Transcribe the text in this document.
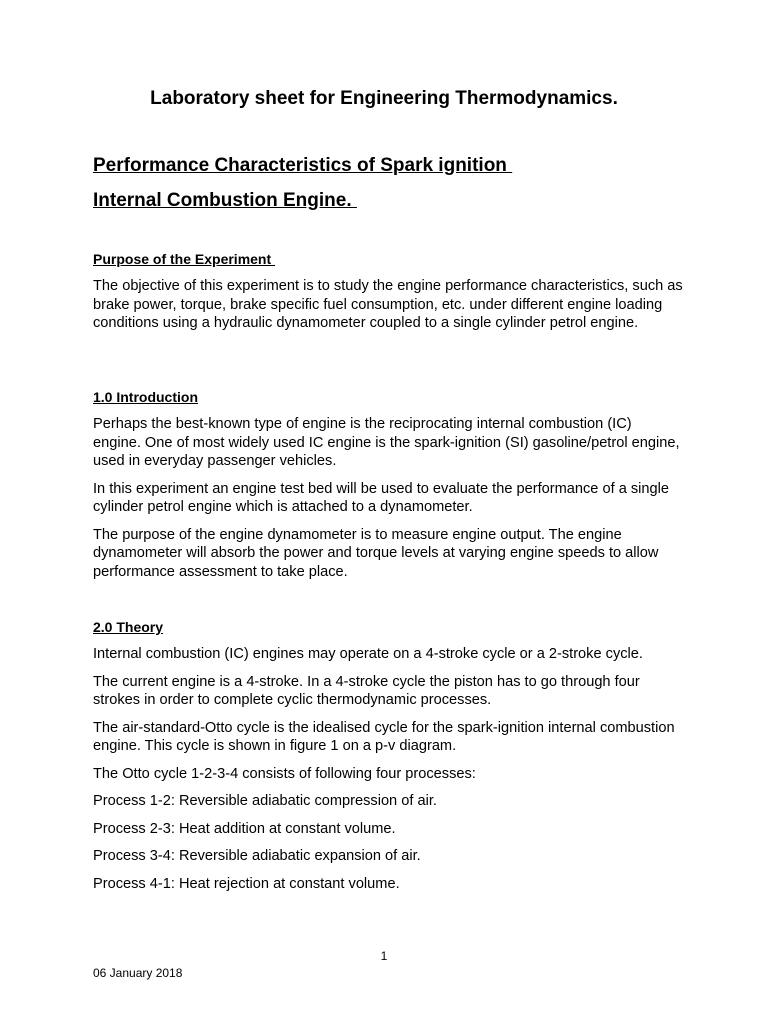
Laboratory sheet for Engineering Thermodynamics.
Performance Characteristics of Spark ignition
Internal Combustion Engine.
Purpose of the Experiment

The objective of this experiment is to study the engine performance characteristics, such as brake power, torque, brake specific fuel consumption, etc. under different engine loading conditions using a hydraulic dynamometer coupled to a single cylinder petrol engine.

1.0 Introduction

Perhaps the best-known type of engine is the reciprocating internal combustion (IC) engine. One of most widely used IC engine is the spark-ignition (SI) gasoline/petrol engine, used in everyday passenger vehicles.

In this experiment an engine test bed will be used to evaluate the performance of a single cylinder petrol engine which is attached to a dynamometer.

The purpose of the engine dynamometer is to measure engine output. The engine dynamometer will absorb the power and torque levels at varying engine speeds to allow performance assessment to take place.

2.0 Theory

Internal combustion (IC) engines may operate on a 4-stroke cycle or a 2-stroke cycle.

The current engine is a 4-stroke. In a 4-stroke cycle the piston has to go through four strokes in order to complete cyclic thermodynamic processes.

The air-standard-Otto cycle is the idealised cycle for the spark-ignition internal combustion engine. This cycle is shown in figure 1 on a p-v diagram.

The Otto cycle 1-2-3-4 consists of following four processes:

Process 1-2: Reversible adiabatic compression of air.

Process 2-3: Heat addition at constant volume.

Process 3-4: Reversible adiabatic expansion of air.

Process 4-1: Heat rejection at constant volume.

1
06 January 2018
